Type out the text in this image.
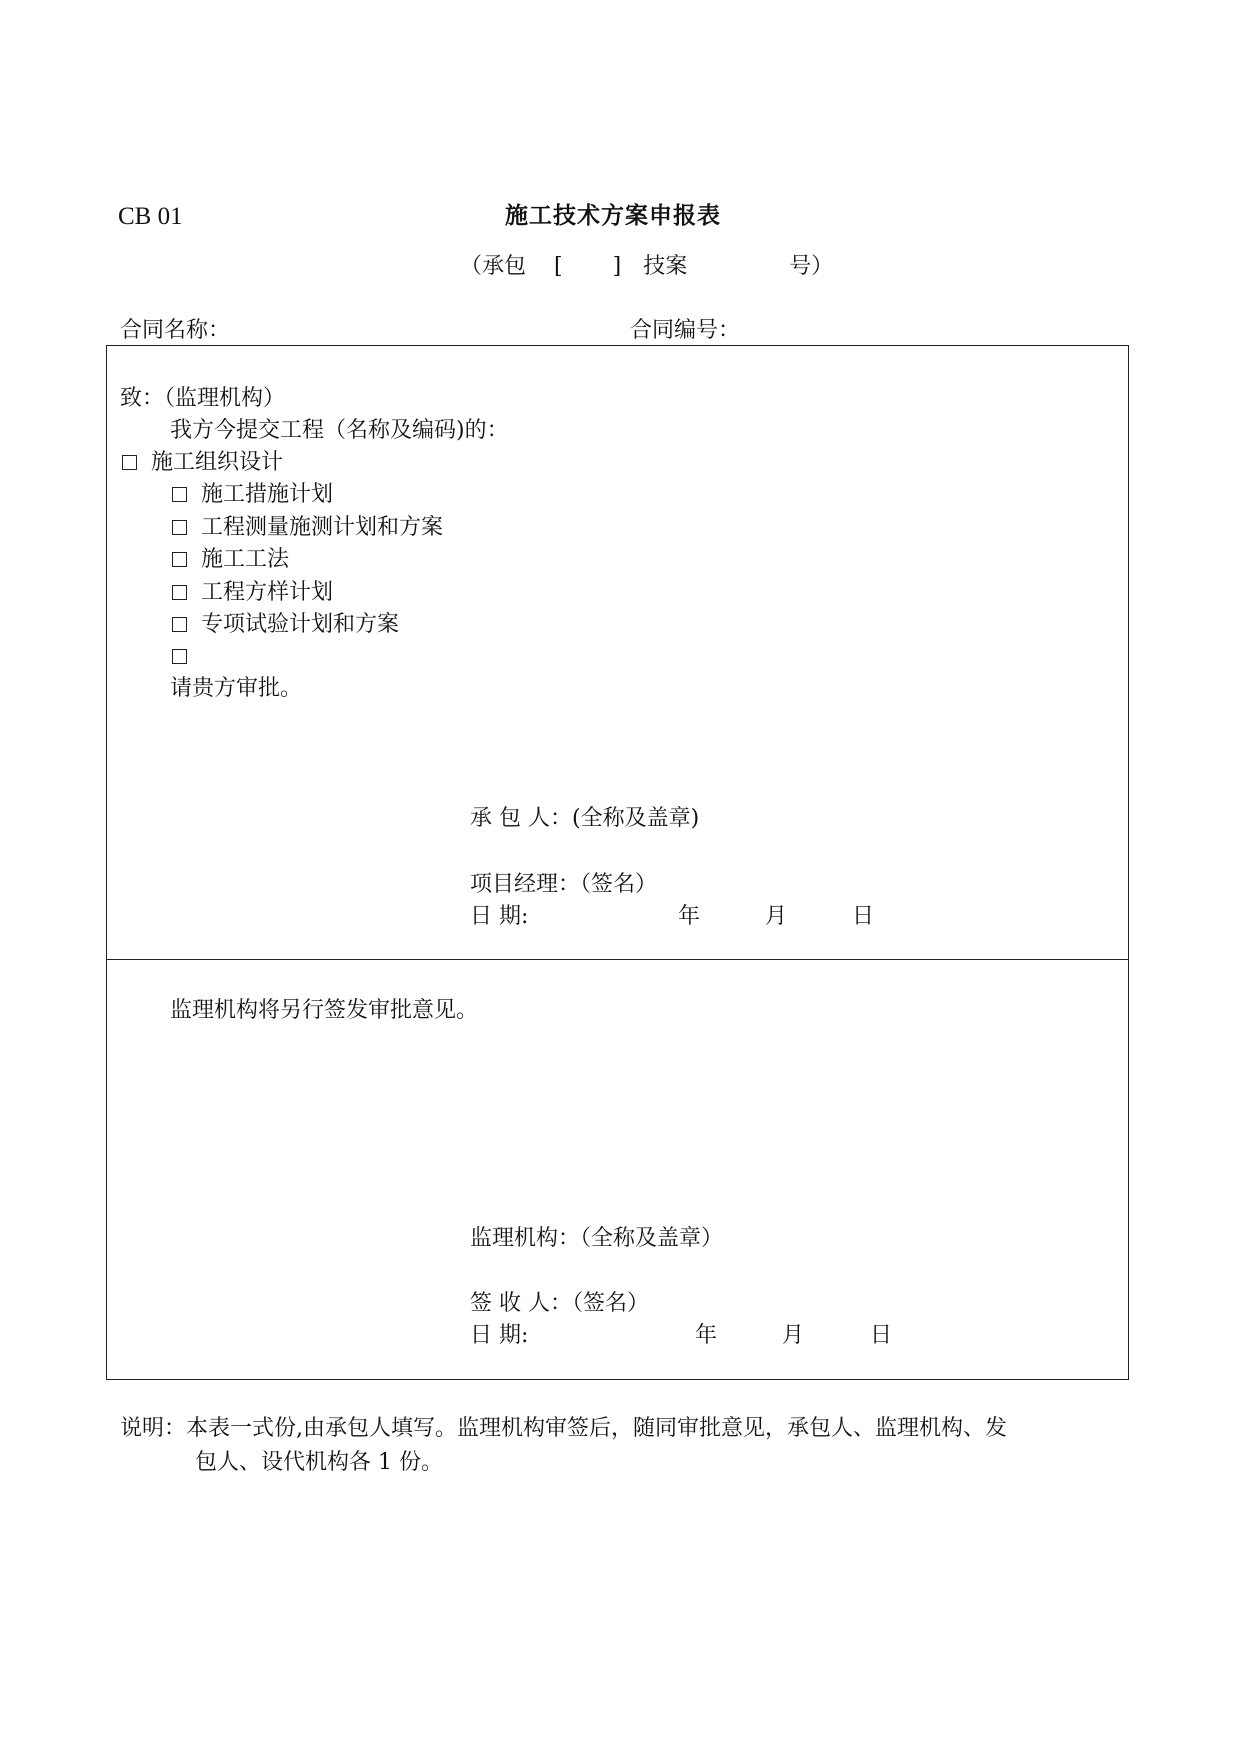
CB 01	施工技术方案申报表
（承包 [ ] 技案	号）
合同名称：	合同编号：
致：（监理机构）
我方今提交工程（名称及编码)的：
施工组织设计
施工措施计划
工程测量施测计划和方案
施工工法
工程方样计划
专项试验计划和方案
请贵方审批。
承 包 人：(全称及盖章)
项目经理：（签名）
日 期:	年	月	日
监理机构将另行签发审批意见。
监理机构：（全称及盖章）
签 收 人：（签名）
日 期:	年	月	日
说明：本表一式份,由承包人填写。监理机构审签后，随同审批意见，承包人、监理机构、发
包人、设代机构各 1 份。
